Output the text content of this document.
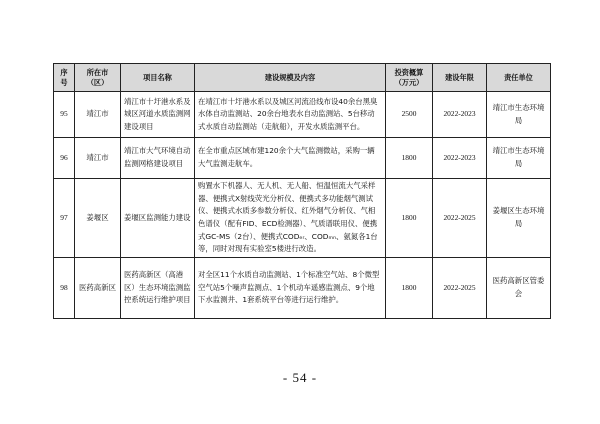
序号	所在市（区）	项目名称	建设规模及内容	投资概算（万元）	建设年限	责任单位
95	靖江市	靖江市十圩港水系及城区河道水质监测网建设项目	在靖江市十圩港水系以及城区河流沿线布设40余台黑臭水体自动监测站、20余台地表水自动监测站、5台移动式水质自动监测站（走航船），开发水质监测平台。	2500	2022-2023	靖江市生态环境局
96	靖江市	靖江市大气环境自动监测网格建设项目	在全市重点区域布建120余个大气监测微站，采购一辆大气监测走航车。	1800	2022-2023	靖江市生态环境局
97	姜堰区	姜堰区监测能力建设	购置水下机器人、无人机、无人船、恒温恒流大气采样器、便携式X射线荧光分析仪、便携式多功能烟气测试仪、便携式水质多参数分析仪、红外烟气分析仪、气相色谱仪（配有FID、ECD检测器）、气质谱联用仪、便携式GC-MS（2台）、便携式CODₑᵣ、CODₘₙ、氨氮各1台等，同时对现有实验室5楼进行改造。	1800	2022-2025	姜堰区生态环境局
98	医药高新区	医药高新区（高港区）生态环境监测监控系统运行维护项目	对全区11个水质自动监测站、1个标准空气站、8个微型空气站5个噪声监测点、1个机动车遥感监测点、9个地下水监测井、1套系统平台等进行运行维护。	1800	2022-2025	医药高新区管委会
- 54 -
